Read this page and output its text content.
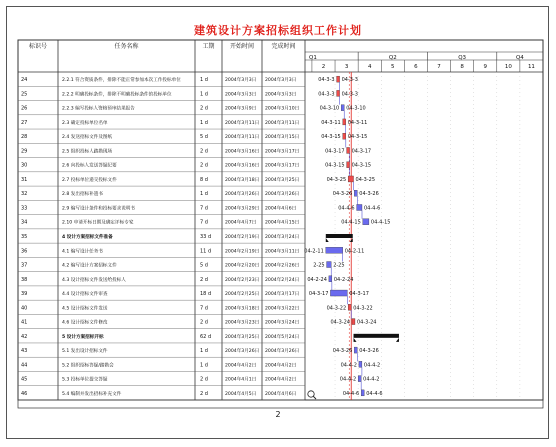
建筑设计方案招标组织工作计划
标识号	任务名称	工期	开始时间	完成时间
Q1	Q2	Q3	Q4
2	3	4	5	6	7	8	9	10	11
24	2.2.1 符合资质条件，排除不能正常参加本次工作投标单位	1 d	2004年3月3日 2004年3月3日	04-3-3 04-3-3
25	2.2.2 明确投标条件，排除不明确投标条件的投标单位	1 d	2004年3月3日 2004年3月3日	04-3-3 04-3-3
26	2.2.3 编写投标人资格预审结果报告	2 d	2004年3月9日 2004年3月10日	04-3-10 04-3-10
27	2.3 确定投标单位名单	1 d	2004年3月11日 2004年3月11日	04-3-11 04-3-11
28	2.4 发送招标文件及图纸	5 d	2004年3月11日 2004年3月15日	04-3-15 04-3-15
29	2.5 组织投标人踏勘现场	2 d	2004年3月16日 2004年3月17日	04-3-17 04-3-17
30	2.6 向投标人发送答疑纪要	2 d	2004年3月16日 2004年3月17日	04-3-15 04-3-15
31	2.7 投标单位递交投标文件	8 d	2004年3月18日 2004年3月25日	04-3-25 04-3-25
32	2.8 发出招标补遗书	1 d	2004年3月26日 2004年3月26日	04-3-26 04-3-26
33	2.9 编写设计条件和投标要求说明书	7 d	2004年3月29日 2004年4月6日	04-4-6 04-4-6
34	2.10 申请开标日期及确定评标专家	7 d	2004年4月7日 2004年4月15日	04-4-15 04-4-15
35	4 设计方案招标文件准备	33 d	2004年2月19日 2004年3月24日
36	4.1 编写设计任务书	11 d	2004年2月19日 2004年3月11日 04-2-11	04-2-11
37	4.2 编写设计方案招标文件	5 d	2004年2月20日 2004年2月26日	2-25 2-25
38	4.3 设计招标文件发送给投标人	2 d	2004年2月23日 2004年2月24日 04-2-24 04-2-24
39	4.4 设计招标文件审查	18 d	2004年2月25日 2004年3月17日 04-3-17	04-3-17
40	4.5 设计招标文件发送	7 d	2004年3月18日 2004年3月22日	04-3-22 04-3-22
41	4.6 设计招标文件修改	2 d	2004年3月23日 2004年3月24日	04-3-24 04-3-24
42	5 设计方案招标开标	62 d	2004年3月25日 2004年5月24日
43	5.1 发出设计招标文件	1 d	2004年3月26日 2004年3月26日	04-3-26 04-3-26
44	5.2 组织招标答疑/踏勘会	1 d	2004年4月2日 2004年4月2日	04-4-2 04-4-2
45	5.3 投标单位提交答疑	2 d	2004年4月1日 2004年4月2日	04-4-2 04-4-2
46	5.4 编制并发出招标补充文件	2 d	2004年4月5日 2004年4月6日	04-4-6 04-4-6
2
